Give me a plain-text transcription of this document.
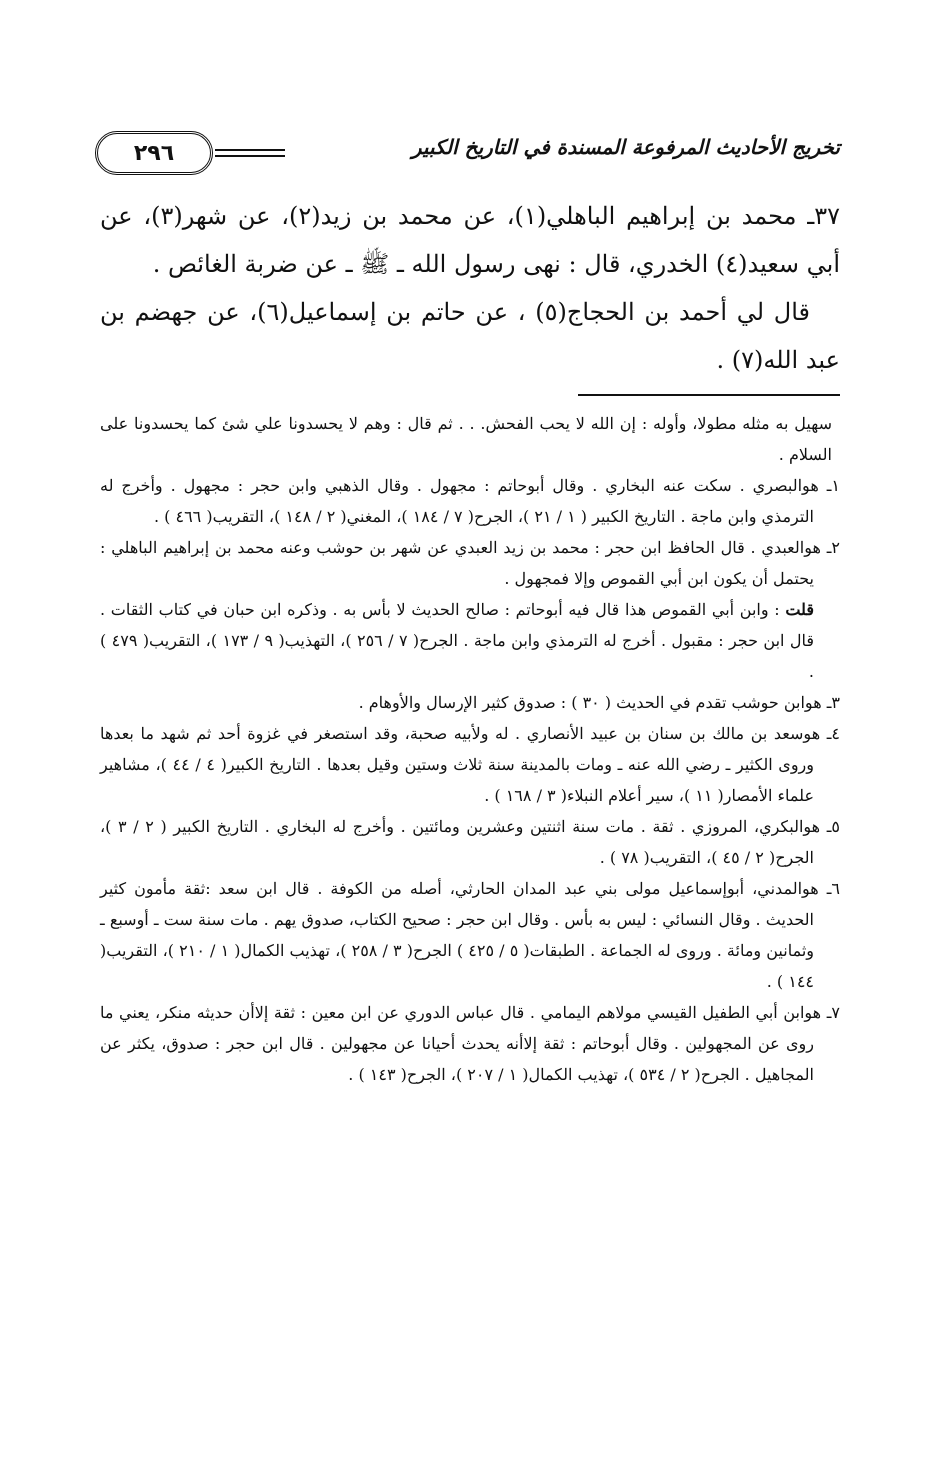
٢٩٦	تخريج الأحاديث المرفوعة المسندة في التاريخ الكبير

٣٧ـ محمد بن إبراهيم الباهلي(١)، عن محمد بن زيد(٢)، عن شهر(٣)، عن أبي سعيد(٤) الخدري، قال : نهى رسول الله ـ ﷺ ـ عن ضربة الغائص .

قال لي أحمد بن الحجاج(٥) ، عن حاتم بن إسماعيل(٦)، عن جهضم بن عبد الله(٧) .

سهيل به مثله مطولا، وأوله : إن الله لا يحب الفحش. . . ثم قال : وهم لا يحسدونا علي شئ كما يحسدونا على السلام .

١ـ هوالبصري . سكت عنه البخاري . وقال أبوحاتم : مجهول . وقال الذهبي وابن حجر : مجهول . وأخرج له الترمذي وابن ماجة . التاريخ الكبير ( ١ / ٢١ )، الجرح( ٧ / ١٨٤ )، المغني( ٢ / ١٤٨ )، التقريب( ٤٦٦ ) .

٢ـ هوالعبدي . قال الحافظ ابن حجر : محمد بن زيد العبدي عن شهر بن حوشب وعنه محمد بن إبراهيم الباهلي : يحتمل أن يكون ابن أبي القموص وإلا فمجهول .

قلت : وابن أبي القموص هذا قال فيه أبوحاتم : صالح الحديث لا بأس به . وذكره ابن حبان في كتاب الثقات . قال ابن حجر : مقبول . أخرج له الترمذي وابن ماجة . الجرح( ٧ / ٢٥٦ )، التهذيب( ٩ / ١٧٣ )، التقريب( ٤٧٩ ) .

٣ـ هوابن حوشب تقدم في الحديث ( ٣٠ ) : صدوق كثير الإرسال والأوهام .

٤ـ هوسعد بن مالك بن سنان بن عبيد الأنصاري . له ولأبيه صحبة، وقد استصغر في غزوة أحد ثم شهد ما بعدها وروى الكثير ـ رضي الله عنه ـ ومات بالمدينة سنة ثلاث وستين وقيل بعدها . التاريخ الكبير( ٤ / ٤٤ )، مشاهير علماء الأمصار( ١١ )، سير أعلام النبلاء( ٣ / ١٦٨ ) .

٥ـ هوالبكري، المروزي . ثقة . مات سنة اثنتين وعشرين ومائتين . وأخرج له البخاري . التاريخ الكبير ( ٢ / ٣ )، الجرح( ٢ / ٤٥ )، التقريب( ٧٨ ) .

٦ـ هوالمدني، أبوإسماعيل مولى بني عبد المدان الحارثي، أصله من الكوفة . قال ابن سعد :ثقة مأمون كثير الحديث . وقال النسائي : ليس به بأس . وقال ابن حجر : صحيح الكتاب، صدوق يهم . مات سنة ست ـ أوسبع ـ وثمانين ومائة . وروى له الجماعة . الطبقات( ٥ / ٤٢٥ ) الجرح( ٣ / ٢٥٨ )، تهذيب الكمال( ١ / ٢١٠ )، التقريب( ١٤٤ ) .

٧ـ هوابن أبي الطفيل القيسي مولاهم اليمامي . قال عباس الدوري عن ابن معين : ثقة إلاأن حديثه منكر، يعني ما روى عن المجهولين . وقال أبوحاتم : ثقة إلاأنه يحدث أحيانا عن مجهولين . قال ابن حجر : صدوق، يكثر عن المجاهيل . الجرح( ٢ / ٥٣٤ )، تهذيب الكمال( ١ / ٢٠٧ )، الجرح( ١٤٣ ) .
